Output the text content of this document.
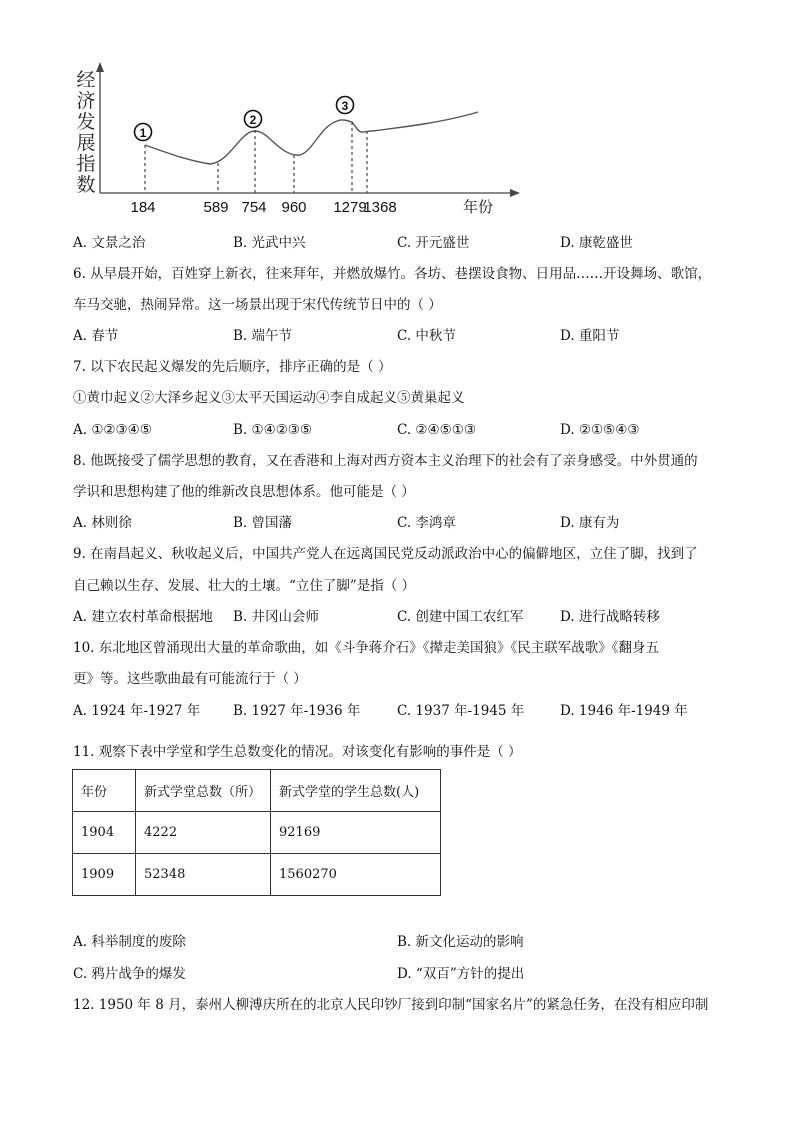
经
济
发
展
指
数
1
2
3
184	589 754 960 1279
1368	年份
A. 文景之治	B. 光武中兴	C. 开元盛世	D. 康乾盛世
6. 从早晨开始，百姓穿上新衣，往来拜年，并燃放爆竹。各坊、巷摆设食物、日用品……开设舞场、歌馆，
车马交驰，热闹异常。这一场景出现于宋代传统节日中的（ ）
A. 春节	B. 端午节	C. 中秋节	D. 重阳节
7. 以下农民起义爆发的先后顺序，排序正确的是（ ）
①黄巾起义②大泽乡起义③太平天国运动④李自成起义⑤黄巢起义
A. ①②③④⑤	B. ①④②③⑤	C. ②④⑤①③	D. ②①⑤④③
8. 他既接受了儒学思想的教育，又在香港和上海对西方资本主义治理下的社会有了亲身感受。中外贯通的
学识和思想构建了他的维新改良思想体系。他可能是（ ）
A. 林则徐	B. 曾国藩	C. 李鸿章	D. 康有为
9. 在南昌起义、秋收起义后，中国共产党人在远离国民党反动派政治中心的偏僻地区，立住了脚，找到了
自己赖以生存、发展、壮大的土壤。“立住了脚”是指（ ）
A. 建立农村革命根据地 B. 井冈山会师	C. 创建中国工农红军	D. 进行战略转移
10. 东北地区曾涌现出大量的革命歌曲，如《斗争蒋介石》《撵走美国狼》《民主联军战歌》《翻身五
更》等。这些歌曲最有可能流行于（ ）
A. 1924 年-1927 年 B. 1927 年-1936 年	C. 1937 年-1945 年	D. 1946 年-1949 年
11. 观察下表中学堂和学生总数变化的情况。对该变化有影响的事件是（ ）
年份	新式学堂总数（所）	新式学堂的学生总数(人)
1904	4222	92169
1909	52348	1560270
A. 科举制度的废除	B. 新文化运动的影响
C. 鸦片战争的爆发	D. “双百”方针的提出
12. 1950 年 8 月，泰州人柳溥庆所在的北京人民印钞厂接到印制“国家名片”的紧急任务，在没有相应印制
